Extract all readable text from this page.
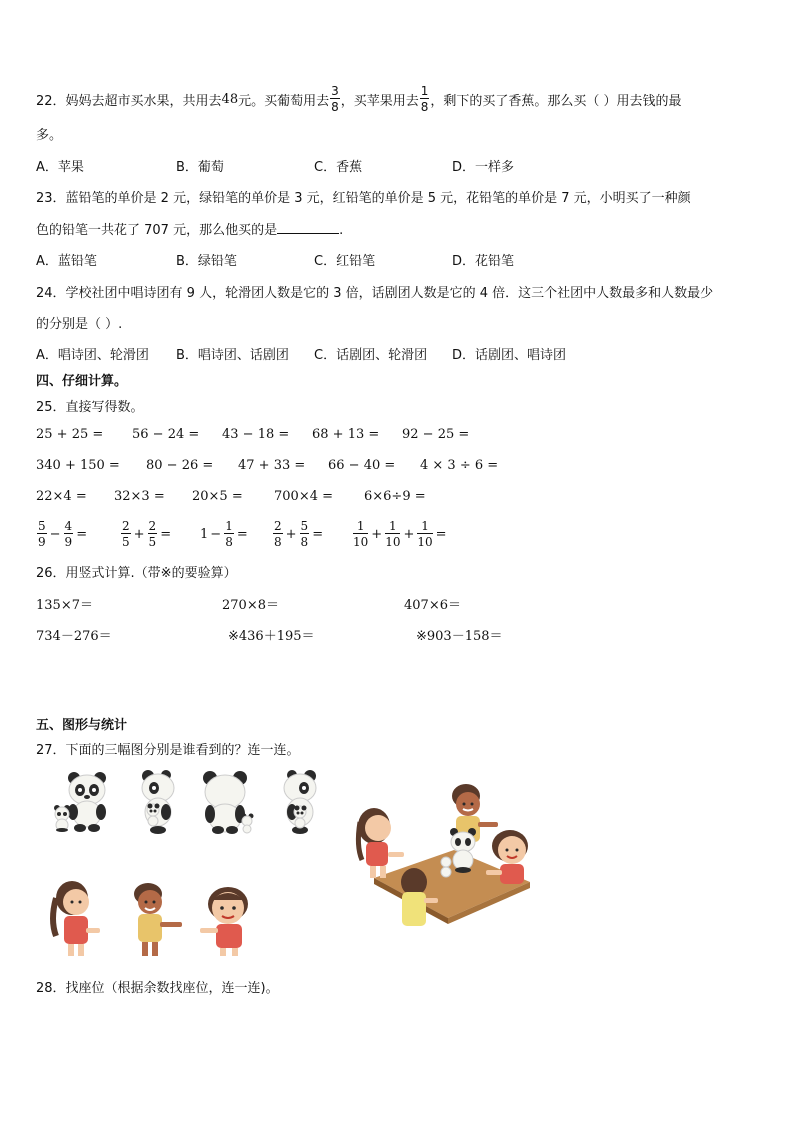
22．妈妈去超市买水果，共用去 48 元。买葡萄用去 $\frac{3}{8}$ ，买苹果用去 $\frac{1}{8}$ ，剩下的买了香蕉。那么买（ ）用去钱的最
多。
A．苹果	B．葡萄	C．香蕉	D．一样多
23．蓝铅笔的单价是 2 元，绿铅笔的单价是 3 元，红铅笔的单价是 5 元，花铅笔的单价是 7 元，小明买了一种颜
色的铅笔一共花了 707 元，那么他买的是	.
A．蓝铅笔	B．绿铅笔	C．红铅笔	D．花铅笔
24．学校社团中唱诗团有 9 人，轮滑团人数是它的 3 倍，话剧团人数是它的 4 倍．这三个社团中人数最多和人数最少
的分别是（ ）.
A．唱诗团、轮滑团 B．唱诗团、话剧团 C．话剧团、轮滑团 D．话剧团、唱诗团
四、仔细计算。
25．直接写得数。
25 + 25 = 56 − 24 = 43 − 18 = 68 + 13 = 92 − 25 =
340 + 150 = 80 − 26 = 47 + 33 = 66 − 40 = 4 × 3 ÷ 6 =
22×4 = 32×3 = 20×5 = 700×4 = 6×6÷9 =
$\frac{5}{9} - \frac{4}{9}$ =	$\frac{2}{5} + \frac{2}{5} = 1 - \frac{1}{8} = \frac{2}{8} + \frac{5}{8} = \frac{1}{10} + \frac{1}{10} + \frac{1}{10}$ =
26．用竖式计算.（带※的要验算）
135×7＝	270×8＝	407×6＝
734－276＝	※436＋195＝	※903－158＝
五、图形与统计
27．下面的三幅图分别是谁看到的？连一连。
28．找座位（根据余数找座位，连一连)。
